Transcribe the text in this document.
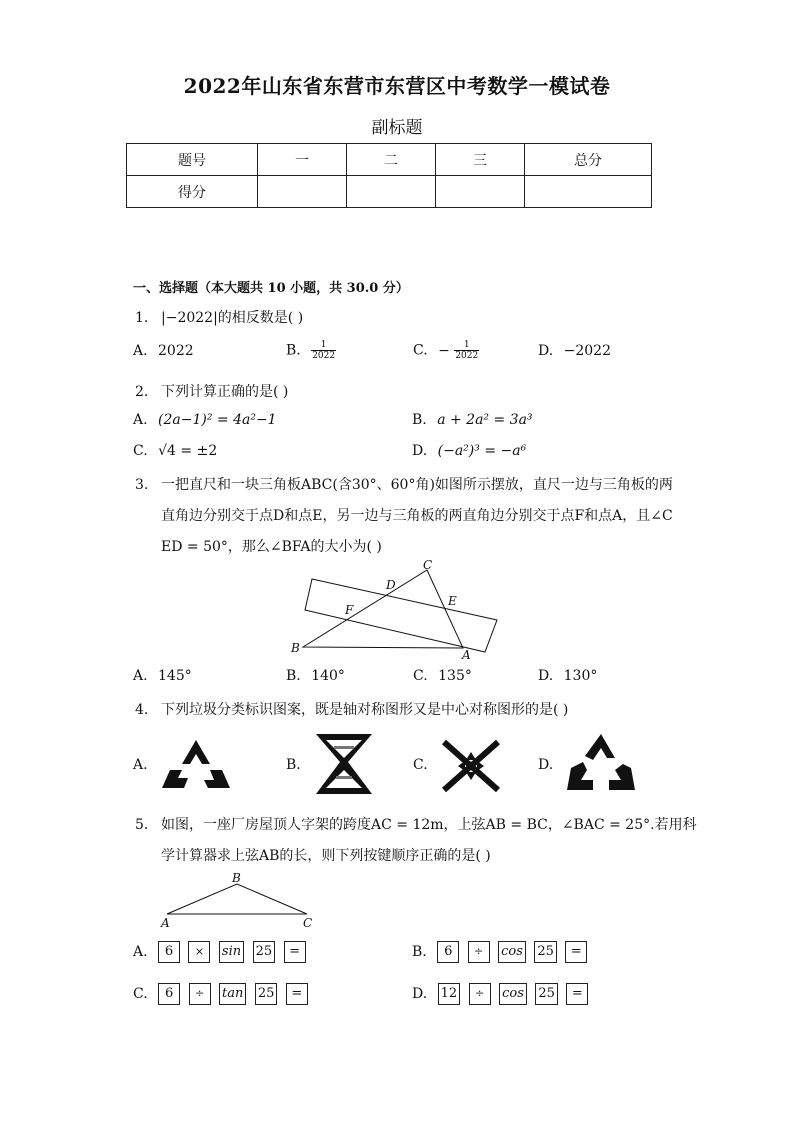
2022年山东省东营市东营区中考数学一模试卷
副标题
题号	一	二	三	总分
得分				
一、选择题（本大题共 10 小题，共 30.0 分）
1. |−2022|的相反数是( )
A. 2022	B. $\frac{1}{2022}$	C. − $\frac{1}{2022}$	D. −2022
2. 下列计算正确的是( )
A. (2a−1)² = 4a²−1	B. a + 2a² = 3a³
C. √4 = ±2	D. (−a²)³ = −a⁶
3. 一把直尺和一块三角板ABC(含30°、60°角)如图所示摆放，直尺一边与三角板的两
直角边分别交于点D和点E，另一边与三角板的两直角边分别交于点F和点A，且∠C
ED = 50°，那么∠BFA的大小为( )
C
D
E
F
B	A
A. 145°	B. 140°	C. 135°	D. 130°
4. 下列垃圾分类标识图案，既是轴对称图形又是中心对称图形的是( )
A.	B.	C.	D.
5. 如图，一座厂房屋顶人字架的跨度AC = 12m，上弦AB = BC，∠BAC = 25°.若用科
学计算器求上弦AB的长，则下列按键顺序正确的是( )
B
A	C
A. 6 × sin 25 =	B. 6 ÷ cos 25 =
C. 6 ÷ tan 25 =	D. 12 ÷ cos 25 =
